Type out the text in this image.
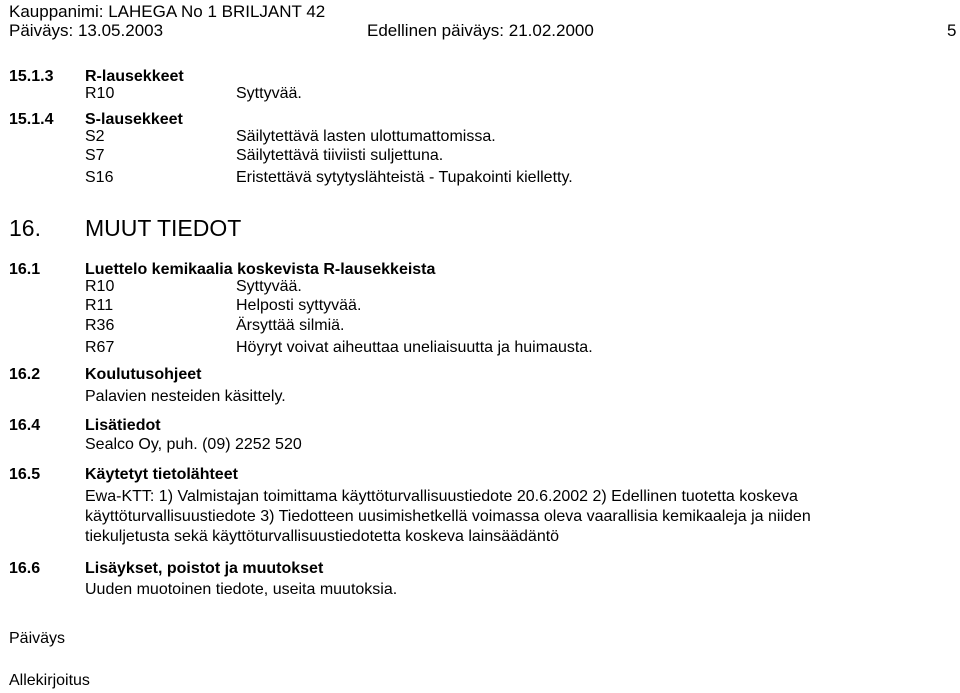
Kauppanimi: LAHEGA No 1 BRILJANT 42
Päiväys: 13.05.2003	Edellinen päiväys: 21.02.2000	5
15.1.3 R-lausekkeet
R10	Syttyvää.
15.1.4 S-lausekkeet
S2	Säilytettävä lasten ulottumattomissa.
S7	Säilytettävä tiiviisti suljettuna.
S16	Eristettävä sytytyslähteistä - Tupakointi kielletty.
16. MUUT TIEDOT
16.1	Luettelo kemikaalia koskevista R-lausekkeista
R10	Syttyvää.
R11	Helposti syttyvää.
R36	Ärsyttää silmiä.
R67	Höyryt voivat aiheuttaa uneliaisuutta ja huimausta.
16.2	Koulutusohjeet
Palavien nesteiden käsittely.
16.4	Lisätiedot
Sealco Oy, puh. (09) 2252 520
16.5	Käytetyt tietolähteet
Ewa-KTT: 1) Valmistajan toimittama käyttöturvallisuustiedote 20.6.2002 2) Edellinen tuotetta koskeva
käyttöturvallisuustiedote 3) Tiedotteen uusimishetkellä voimassa oleva vaarallisia kemikaaleja ja niiden
tiekuljetusta sekä käyttöturvallisuustiedotetta koskeva lainsäädäntö
16.6	Lisäykset, poistot ja muutokset
Uuden muotoinen tiedote, useita muutoksia.
Päiväys
Allekirjoitus
